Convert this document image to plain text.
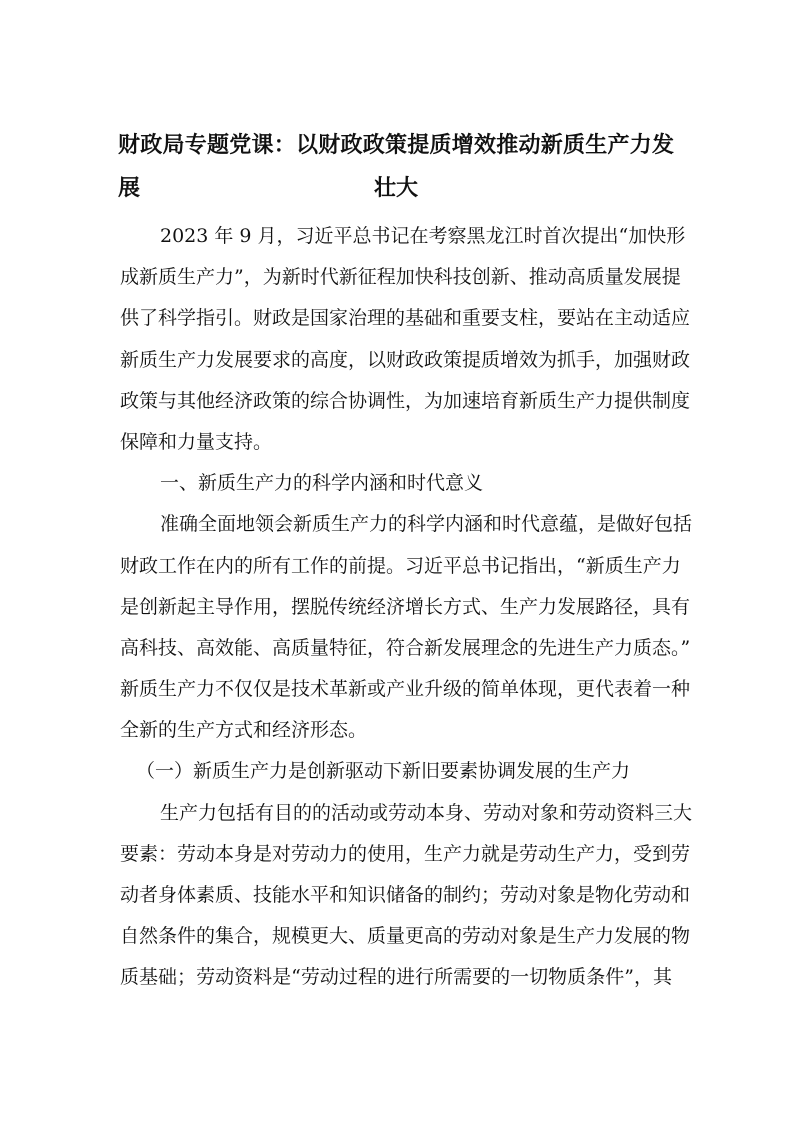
财政局专题党课：以财政政策提质增效推动新质生产力发展	壮大
2023 年 9 月，习近平总书记在考察黑龙江时首次提出“加快形
成新质生产力”，为新时代新征程加快科技创新、推动高质量发展提
供了科学指引。财政是国家治理的基础和重要支柱，要站在主动适应
新质生产力发展要求的高度，以财政政策提质增效为抓手，加强财政
政策与其他经济政策的综合协调性，为加速培育新质生产力提供制度
保障和力量支持。
一、新质生产力的科学内涵和时代意义
准确全面地领会新质生产力的科学内涵和时代意蕴，是做好包括
财政工作在内的所有工作的前提。习近平总书记指出，“新质生产力
是创新起主导作用，摆脱传统经济增长方式、生产力发展路径，具有
高科技、高效能、高质量特征，符合新发展理念的先进生产力质态。”
新质生产力不仅仅是技术革新或产业升级的简单体现，更代表着一种
全新的生产方式和经济形态。
（一）新质生产力是创新驱动下新旧要素协调发展的生产力
生产力包括有目的的活动或劳动本身、劳动对象和劳动资料三大
要素：劳动本身是对劳动力的使用，生产力就是劳动生产力，受到劳
动者身体素质、技能水平和知识储备的制约；劳动对象是物化劳动和
自然条件的集合，规模更大、质量更高的劳动对象是生产力发展的物
质基础；劳动资料是“劳动过程的进行所需要的一切物质条件”，其
